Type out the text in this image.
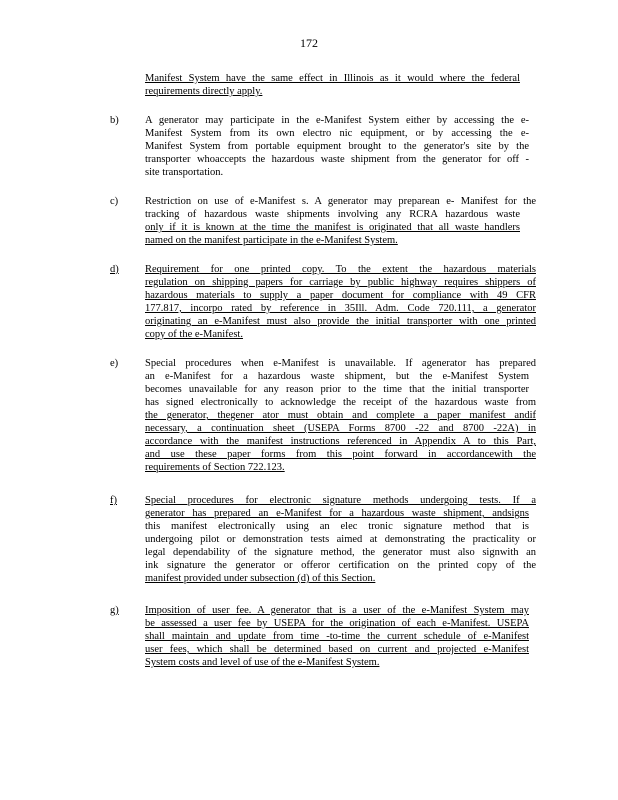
172

Manifest System have the same effect in Illinois as it would where the federal

requirements directly apply.

b)	A generator may participate in the e-Manifest System either by accessing the e-

Manifest System from its own electro nic equipment, or by accessing the e-

Manifest System from portable equipment brought to the generator's site by the

transporter whoaccepts the hazardous waste shipment from the generator for off -

site transportation.

c)	Restriction on use of e-Manifest s. A generator may preparean e- Manifest for the

tracking of hazardous waste shipments involving any RCRA hazardous waste

only if it is known at the time the manifest is originated that all waste handlers

named on the manifest participate in the e-Manifest System.

d)	Requirement for one printed copy. To the extent the hazardous materials

regulation on shipping papers for carriage by public highway requires shippers of

hazardous materials to supply a paper document for compliance with 49 CFR

177.817, incorpo rated by reference in 35Ill. Adm. Code 720.111, a generator

originating an e-Manifest must also provide the initial transporter with one printed

copy of the e-Manifest.

e)	Special procedures when e-Manifest is unavailable. If agenerator has prepared

an e-Manifest for a hazardous waste shipment, but the e-Manifest System

becomes unavailable for any reason prior to the time that the initial transporter

has signed electronically to acknowledge the receipt of the hazardous waste from

the generator, thegener ator must obtain and complete a paper manifest andif

necessary, a continuation sheet (USEPA Forms 8700 -22 and 8700 -22A) in

accordance with the manifest instructions referenced in Appendix A to this Part,

and use these paper forms from this point forward in accordancewith the

requirements of Section 722.123.

f)	Special procedures for electronic signature methods undergoing tests. If a

generator has prepared an e-Manifest for a hazardous waste shipment, andsigns

this manifest electronically using an elec tronic signature method that is

undergoing pilot or demonstration tests aimed at demonstrating the practicality or

legal dependability of the signature method, the generator must also signwith an

ink signature the generator or offeror certification on the printed copy of the

manifest provided under subsection (d) of this Section.

g)	Imposition of user fee. A generator that is a user of the e-Manifest System may

be assessed a user fee by USEPA for the origination of each e-Manifest. USEPA

shall maintain and update from time -to-time the current schedule of e-Manifest

user fees, which shall be determined based on current and projected e-Manifest

System costs and level of use of the e-Manifest System.
